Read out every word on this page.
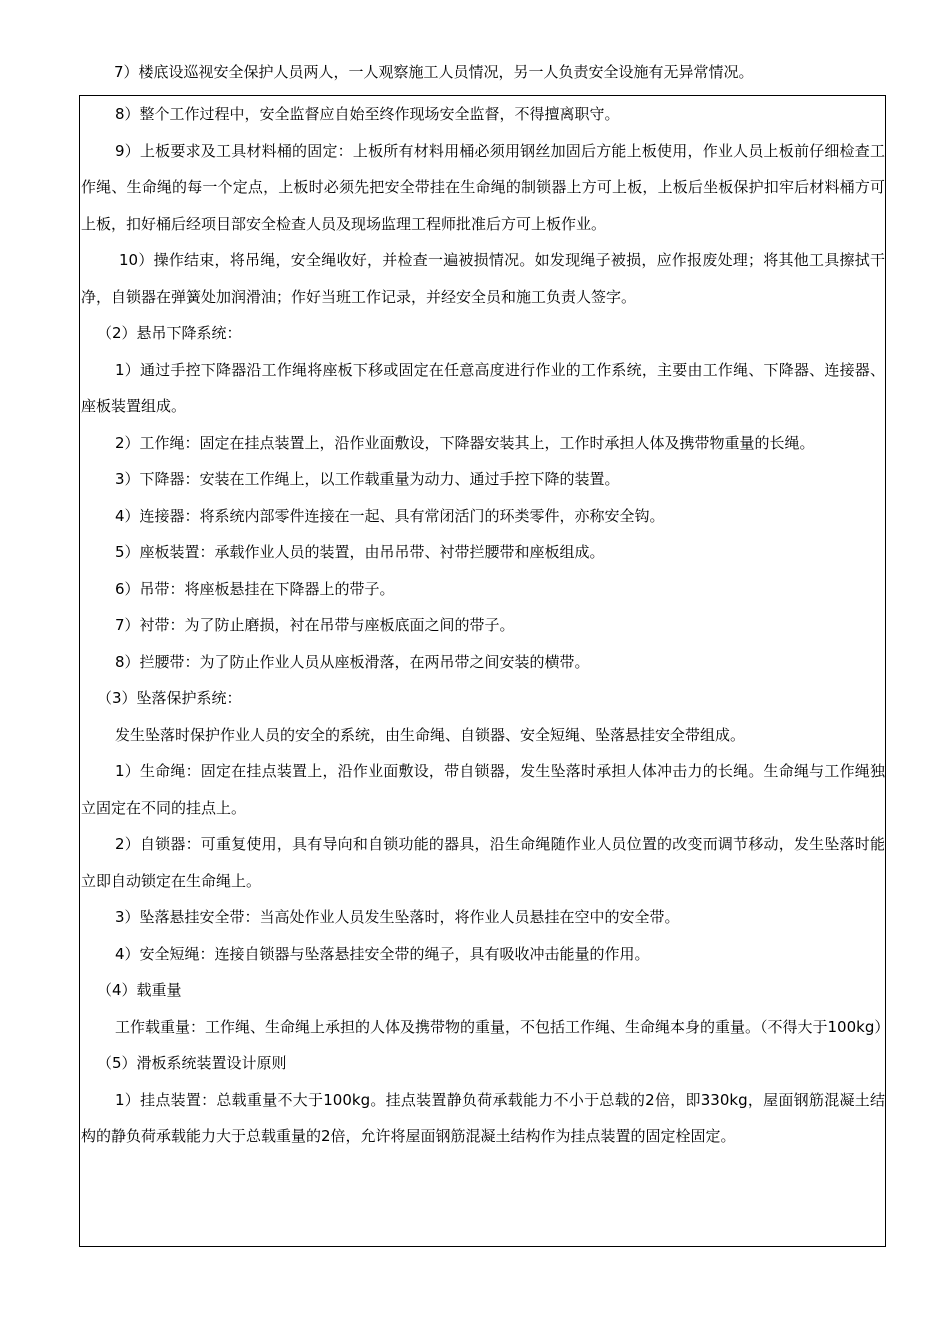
7）楼底设巡视安全保护人员两人，一人观察施工人员情况，另一人负责安全设施有无异常情况。

8）整个工作过程中，安全监督应自始至终作现场安全监督，不得擅离职守。

9）上板要求及工具材料桶的固定：上板所有材料用桶必须用钢丝加固后方能上板使用，作业人员上板前仔细检查工作绳、生命绳的每一个定点，上板时必须先把安全带挂在生命绳的制锁器上方可上板，上板后坐板保护扣牢后材料桶方可上板，扣好桶后经项目部安全检查人员及现场监理工程师批准后方可上板作业。

10）操作结束，将吊绳，安全绳收好，并检查一遍被损情况。如发现绳子被损，应作报废处理；将其他工具擦拭干净，自锁器在弹簧处加润滑油；作好当班工作记录，并经安全员和施工负责人签字。

（2）悬吊下降系统：

1）通过手控下降器沿工作绳将座板下移或固定在任意高度进行作业的工作系统，主要由工作绳、下降器、连接器、座板装置组成。

2）工作绳：固定在挂点装置上，沿作业面敷设，下降器安装其上，工作时承担人体及携带物重量的长绳。

3）下降器：安装在工作绳上，以工作载重量为动力、通过手控下降的装置。

4）连接器：将系统内部零件连接在一起、具有常闭活门的环类零件，亦称安全钩。

5）座板装置：承载作业人员的装置，由吊吊带、衬带拦腰带和座板组成。

6）吊带：将座板悬挂在下降器上的带子。

7）衬带：为了防止磨损，衬在吊带与座板底面之间的带子。

8）拦腰带：为了防止作业人员从座板滑落，在两吊带之间安装的横带。

（3）坠落保护系统：

发生坠落时保护作业人员的安全的系统，由生命绳、自锁器、安全短绳、坠落悬挂安全带组成。

1）生命绳：固定在挂点装置上，沿作业面敷设，带自锁器，发生坠落时承担人体冲击力的长绳。生命绳与工作绳独立固定在不同的挂点上。

2）自锁器：可重复使用，具有导向和自锁功能的器具，沿生命绳随作业人员位置的改变而调节移动，发生坠落时能立即自动锁定在生命绳上。

3）坠落悬挂安全带：当高处作业人员发生坠落时，将作业人员悬挂在空中的安全带。

4）安全短绳：连接自锁器与坠落悬挂安全带的绳子，具有吸收冲击能量的作用。

（4）载重量

工作载重量：工作绳、生命绳上承担的人体及携带物的重量，不包括工作绳、生命绳本身的重量。（不得大于100kg）

（5）滑板系统装置设计原则

1）挂点装置：总载重量不大于100kg。挂点装置静负荷承载能力不小于总载的2倍，即330kg，屋面钢筋混凝土结构的静负荷承载能力大于总载重量的2倍，允许将屋面钢筋混凝土结构作为挂点装置的固定栓固定。
